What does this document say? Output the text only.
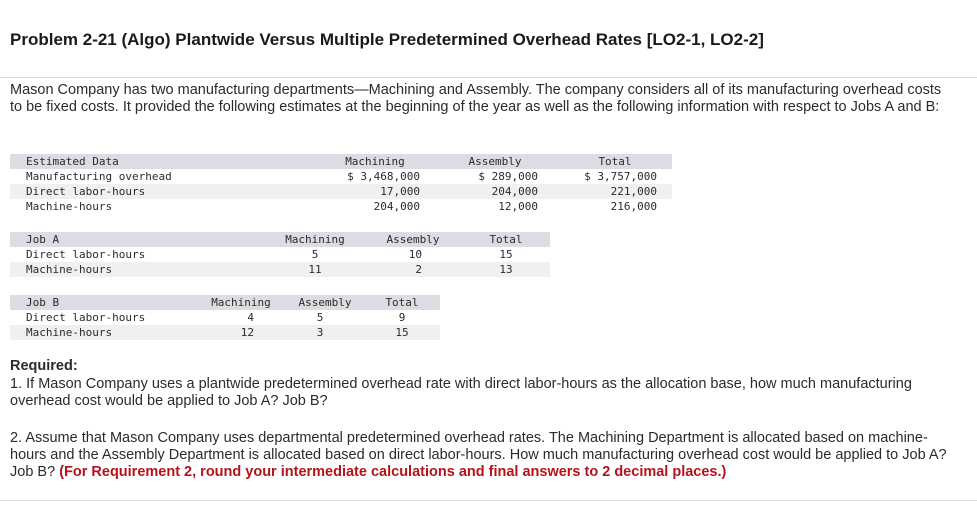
Problem 2-21 (Algo) Plantwide Versus Multiple Predetermined Overhead Rates [LO2-1, LO2-2]

Mason Company has two manufacturing departments—Machining and Assembly. The company considers all of its manufacturing overhead costs to be fixed costs. It provided the following estimates at the beginning of the year as well as the following information with respect to Jobs A and B:

Estimated Data	Machining	Assembly	Total
Manufacturing overhead	$ 3,468,000	$ 289,000	$ 3,757,000
Direct labor-hours	17,000	204,000	221,000
Machine-hours	204,000	12,000	216,000
Job A	Machining	Assembly	Total
Direct labor-hours	5	10	15
Machine-hours	11	2	13
Job B	Machining	Assembly	Total
Direct labor-hours	4	5	9
Machine-hours	12	3	15

Required:

1. If Mason Company uses a plantwide predetermined overhead rate with direct labor-hours as the allocation base, how much manufacturing overhead cost would be applied to Job A? Job B?

2. Assume that Mason Company uses departmental predetermined overhead rates. The Machining Department is allocated based on machine-hours and the Assembly Department is allocated based on direct labor-hours. How much manufacturing overhead cost would be applied to Job A? Job B? (For Requirement 2, round your intermediate calculations and final answers to 2 decimal places.)
